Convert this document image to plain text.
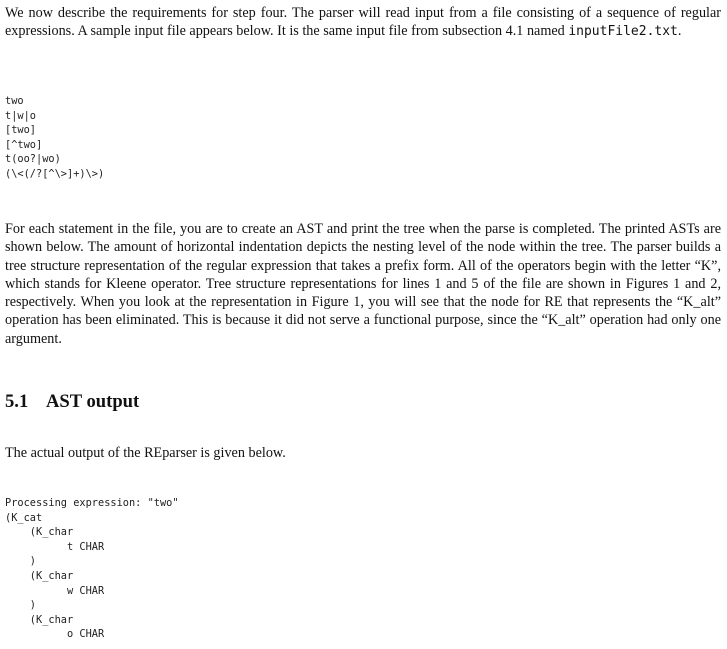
We now describe the requirements for step four. The parser will read input from a file consisting of a sequence of regular expressions. A sample input file appears below. It is the same input file from subsection 4.1 named inputFile2.txt.

two
t|w|o
[two]
[^two]
t(oo?|wo)
(\<(/?[^\>]+)\>)

For each statement in the file, you are to create an AST and print the tree when the parse is completed. The printed ASTs are shown below. The amount of horizontal indentation depicts the nesting level of the node within the tree. The parser builds a tree structure representation of the regular expression that takes a prefix form. All of the operators begin with the letter “K”, which stands for Kleene operator. Tree structure representations for lines 1 and 5 of the file are shown in Figures 1 and 2, respectively. When you look at the representation in Figure 1, you will see that the node for RE that represents the “K_alt” operation has been eliminated. This is because it did not serve a functional purpose, since the “K_alt” operation had only one argument.

5.1 AST output

The actual output of the REparser is given below.

Processing expression: "two"
(K_cat
(K_char
t CHAR
)
(K_char
w CHAR
)
(K_char
o CHAR
